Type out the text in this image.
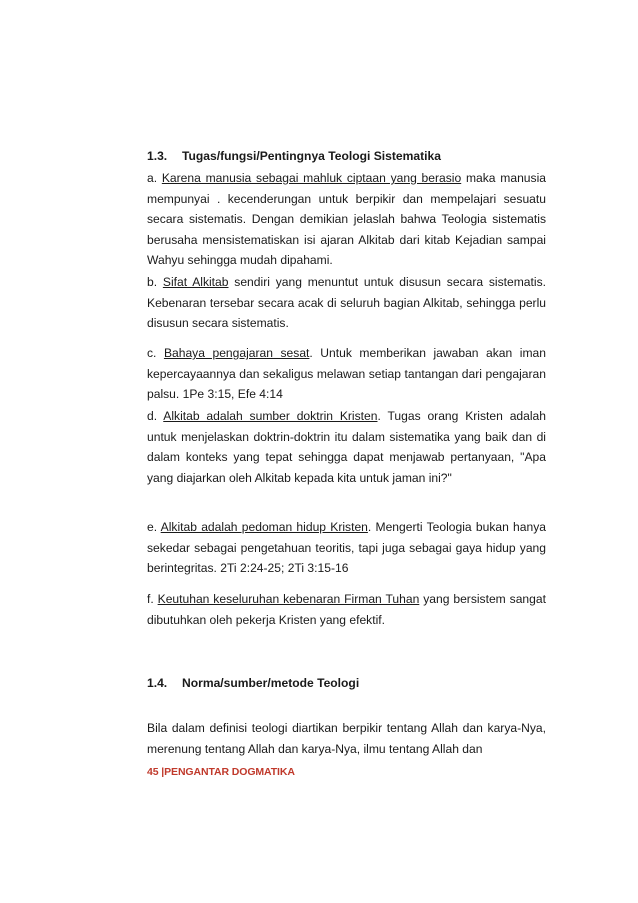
1.3. Tugas/fungsi/Pentingnya Teologi Sistematika

a. Karena manusia sebagai mahluk ciptaan yang berasio maka manusia mempunyai . kecenderungan untuk berpikir dan mempelajari sesuatu secara sistematis. Dengan demikian jelaslah bahwa Teologia sistematis berusaha mensistematiskan isi ajaran Alkitab dari kitab Kejadian sampai Wahyu sehingga mudah dipahami.

b. Sifat Alkitab sendiri yang menuntut untuk disusun secara sistematis. Kebenaran tersebar secara acak di seluruh bagian Alkitab, sehingga perlu disusun secara sistematis.

c. Bahaya pengajaran sesat. Untuk memberikan jawaban akan iman kepercayaannya dan sekaligus melawan setiap tantangan dari pengajaran palsu. 1Pe 3:15, Efe 4:14

d. Alkitab adalah sumber doktrin Kristen. Tugas orang Kristen adalah untuk menjelaskan doktrin-doktrin itu dalam sistematika yang baik dan di dalam konteks yang tepat sehingga dapat menjawab pertanyaan, "Apa yang diajarkan oleh Alkitab kepada kita untuk jaman ini?"

e. Alkitab adalah pedoman hidup Kristen. Mengerti Teologia bukan hanya sekedar sebagai pengetahuan teoritis, tapi juga sebagai gaya hidup yang berintegritas. 2Ti 2:24-25; 2Ti 3:15-16

f. Keutuhan keseluruhan kebenaran Firman Tuhan yang bersistem sangat dibutuhkan oleh pekerja Kristen yang efektif.

1.4. Norma/sumber/metode Teologi

Bila dalam definisi teologi diartikan berpikir tentang Allah dan karya-Nya, merenung tentang Allah dan karya-Nya, ilmu tentang Allah dan

45 |PENGANTAR DOGMATIKA
